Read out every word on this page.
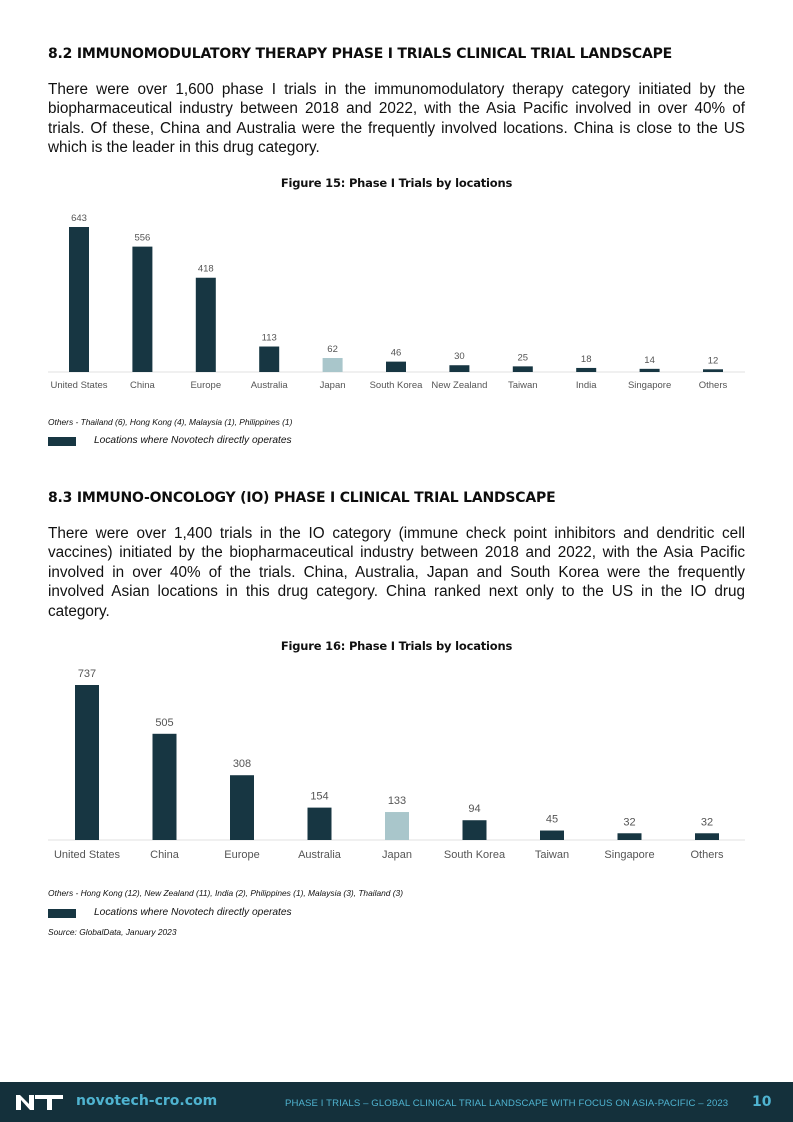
8.2 IMMUNOMODULATORY THERAPY PHASE I TRIALS CLINICAL TRIAL LANDSCAPE

There were over 1,600 phase I trials in the immunomodulatory therapy category initiated by the biopharmaceutical industry between 2018 and 2022, with the Asia Pacific involved in over 40% of trials. Of these, China and Australia were the frequently involved locations. China is close to the US which is the leader in this drug category.

Figure 15: Phase I Trials by locations

643
United States
556
China
418
Europe
113
Australia
62
Japan
46
South Korea
30
New Zealand
25
Taiwan
18
India
14
Singapore
12
Others
Others - Thailand (6), Hong Kong (4), Malaysia (1), Philippines (1)
Locations where Novotech directly operates
8.3 IMMUNO-ONCOLOGY (IO) PHASE I CLINICAL TRIAL LANDSCAPE

There were over 1,400 trials in the IO category (immune check point inhibitors and dendritic cell vaccines) initiated by the biopharmaceutical industry between 2018 and 2022, with the Asia Pacific involved in over 40% of the trials. China, Australia, Japan and South Korea were the frequently involved Asian locations in this drug category. China ranked next only to the US in the IO drug category.

Figure 16: Phase I Trials by locations

737
United States
505
China
308
Europe
154
Australia
133
Japan
94
South Korea
45
Taiwan
32
Singapore
32
Others
Others - Hong Kong (12), New Zealand (11), India (2), Philippines (1), Malaysia (3), Thailand (3)
Locations where Novotech directly operates
Source: GlobalData, January 2023
novotech-cro.com	PHASE I TRIALS – GLOBAL CLINICAL TRIAL LANDSCAPE WITH FOCUS ON ASIA-PACIFIC – 2023 10
